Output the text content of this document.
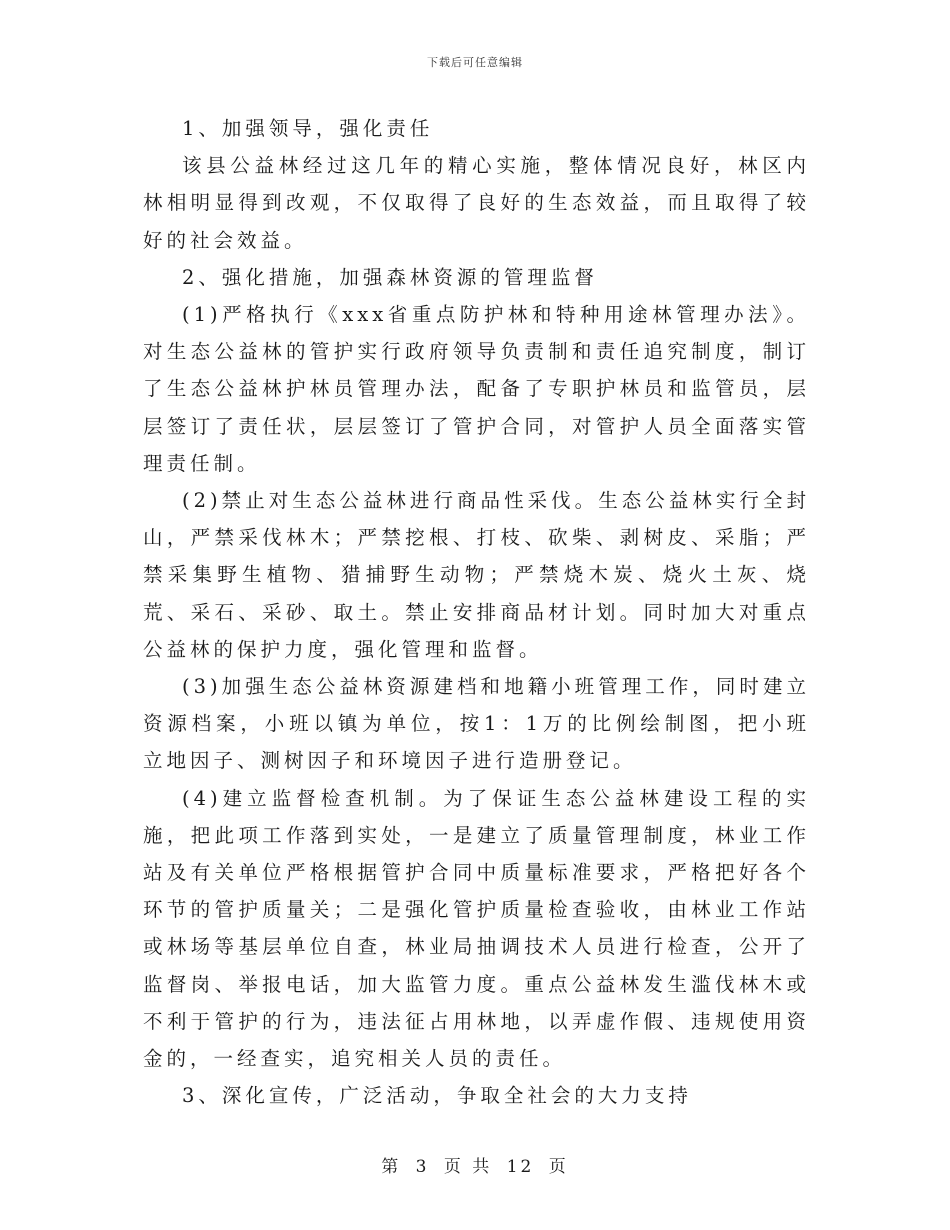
下载后可任意编辑

1、加强领导，强化责任

该县公益林经过这几年的精心实施，整体情况良好，林区内林相明显得到改观，不仅取得了良好的生态效益，而且取得了较好的社会效益。

2、强化措施，加强森林资源的管理监督

(1)严格执行《xxx省重点防护林和特种用途林管理办法》。对生态公益林的管护实行政府领导负责制和责任追究制度，制订了生态公益林护林员管理办法，配备了专职护林员和监管员，层层签订了责任状，层层签订了管护合同，对管护人员全面落实管理责任制。

(2)禁止对生态公益林进行商品性采伐。生态公益林实行全封山，严禁采伐林木；严禁挖根、打枝、砍柴、剥树皮、采脂；严禁采集野生植物、猎捕野生动物；严禁烧木炭、烧火土灰、烧荒、采石、采砂、取土。禁止安排商品材计划。同时加大对重点公益林的保护力度，强化管理和监督。

(3)加强生态公益林资源建档和地籍小班管理工作，同时建立资源档案，小班以镇为单位，按1：1万的比例绘制图，把小班立地因子、测树因子和环境因子进行造册登记。

(4)建立监督检查机制。为了保证生态公益林建设工程的实施，把此项工作落到实处，一是建立了质量管理制度，林业工作站及有关单位严格根据管护合同中质量标准要求，严格把好各个环节的管护质量关；二是强化管护质量检查验收，由林业工作站或林场等基层单位自查，林业局抽调技术人员进行检查，公开了监督岗、举报电话，加大监管力度。重点公益林发生滥伐林木或不利于管护的行为，违法征占用林地，以弄虚作假、违规使用资金的，一经查实，追究相关人员的责任。

3、深化宣传，广泛活动，争取全社会的大力支持

第 3 页 共 12 页
